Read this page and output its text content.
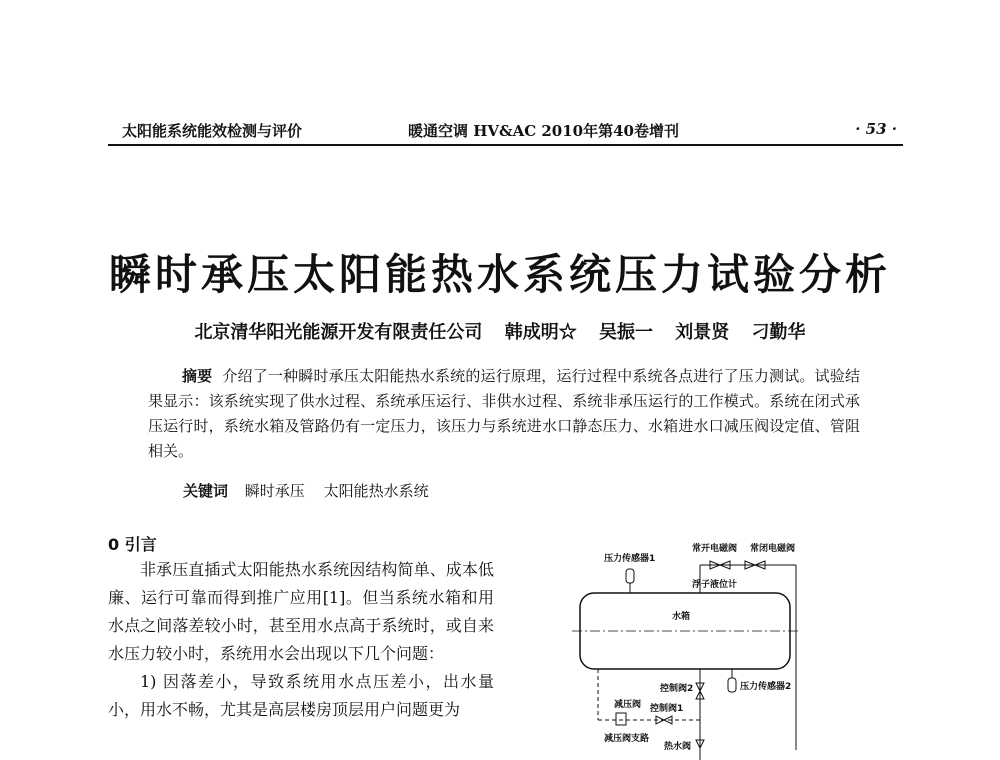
太阳能系统能效检测与评价	暖通空调 HV&AC 2010年第40卷增刊	· 53 ·
瞬时承压太阳能热水系统压力试验分析
北京清华阳光能源开发有限责任公司 韩成明☆ 吴振一 刘景贤 刁勤华
摘要 介绍了一种瞬时承压太阳能热水系统的运行原理，运行过程中系统各点进行了压力测试。试验结果显示：该系统实现了供水过程、系统承压运行、非供水过程、系统非承压运行的工作模式。系统在闭式承压运行时，系统水箱及管路仍有一定压力，该压力与系统进水口静态压力、水箱进水口减压阀设定值、管阻相关。
关键词 瞬时承压 太阳能热水系统
0 引言

非承压直插式太阳能热水系统因结构简单、成本低廉、运行可靠而得到推广应用[1]。但当系统水箱和用水点之间落差较小时，甚至用水点高于系统时，或自来水压力较小时，系统用水会出现以下几个问题：

1) 因落差小，导致系统用水点压差小，出水量小，用水不畅，尤其是高层楼房顶层用户问题更为

水箱
压力传感器1
常开电磁阀 常闭电磁阀
浮子液位计
控制阀2	压力传感器2
减压阀 控制阀1
减压阀支路
热水阀
